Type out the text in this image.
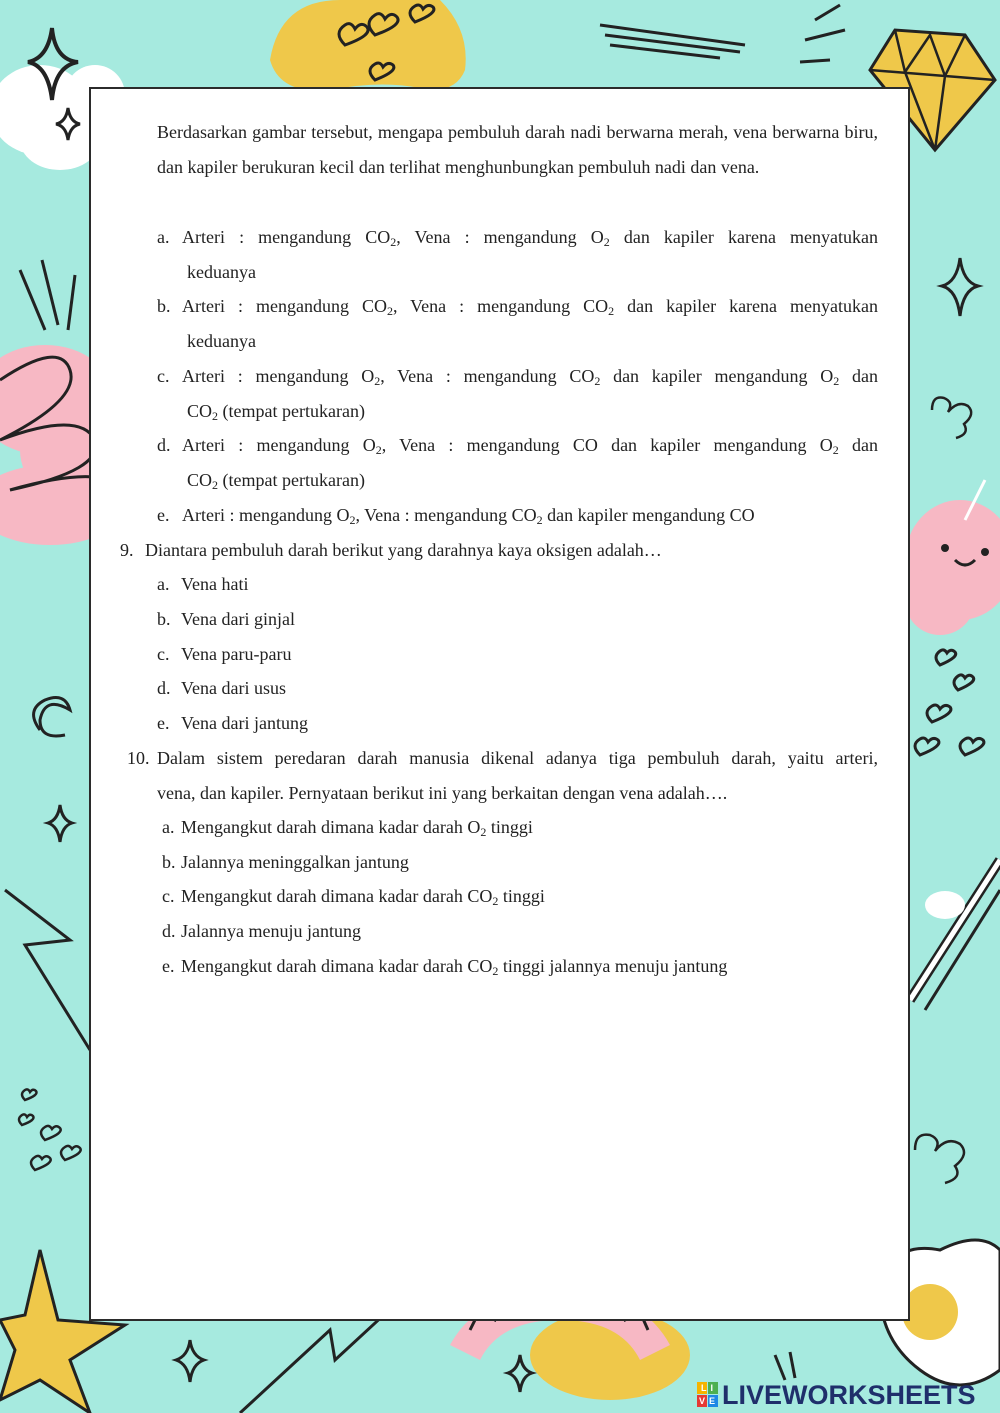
Berdasarkan gambar tersebut, mengapa pembuluh darah nadi berwarna merah, vena berwarna biru, dan kapiler berukuran kecil dan terlihat menghunbungkan pembuluh nadi dan vena.
a. Arteri : mengandung $CO_2$, Vena : mengandung $O_2$ dan kapiler karena menyatukan
keduanya
b. Arteri : mengandung $CO_2$, Vena : mengandung $CO_2$ dan kapiler karena menyatukan
keduanya
c. Arteri : mengandung $O_2$, Vena : mengandung $CO_2$ dan kapiler mengandung $O_2$ dan
$CO_2$ (tempat pertukaran)
d. Arteri : mengandung $O_2$, Vena : mengandung CO dan kapiler mengandung $O_2$ dan
$CO_2$ (tempat pertukaran)
e. Arteri : mengandung $O_2$, Vena : mengandung $CO_2$ dan kapiler mengandung CO
9. Diantara pembuluh darah berikut yang darahnya kaya oksigen adalah…
a. Vena hati
b. Vena dari ginjal
c. Vena paru-paru
d. Vena dari usus
e. Vena dari jantung
10. Dalam sistem peredaran darah manusia dikenal adanya tiga pembuluh darah, yaitu arteri,
vena, dan kapiler. Pernyataan berikut ini yang berkaitan dengan vena adalah….
a. Mengangkut darah dimana kadar darah $O_2$ tinggi
b. Jalannya meninggalkan jantung
c. Mengangkut darah dimana kadar darah $CO_2$ tinggi
d. Jalannya menuju jantung
e. Mengangkut darah dimana kadar darah $CO_2$ tinggi jalannya menuju jantung
LIVE LIVEWORKSHEETS
